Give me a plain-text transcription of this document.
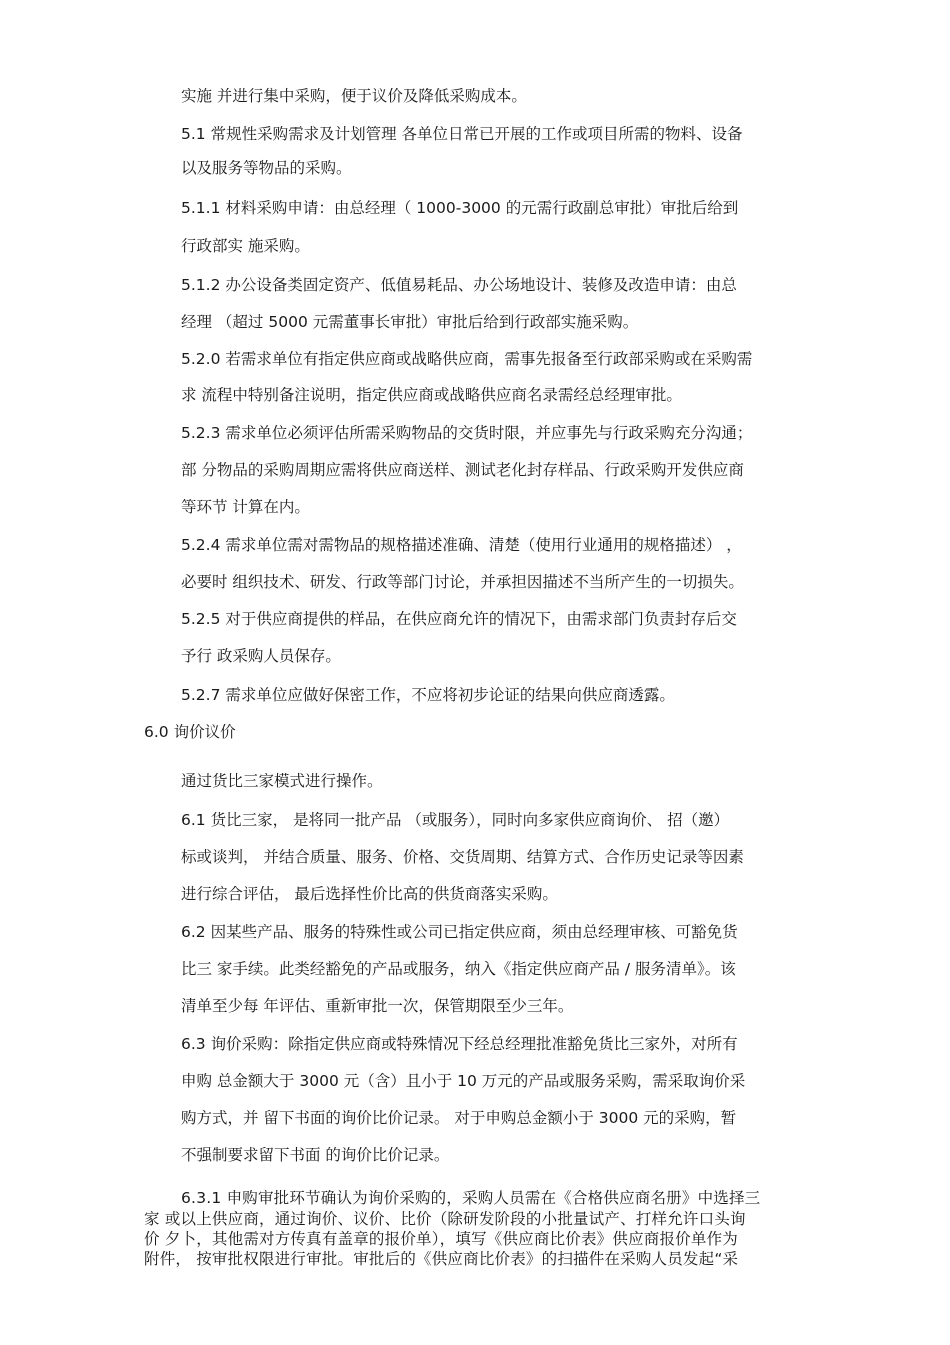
实施 并进行集中采购，便于议价及降低采购成本。
5.1 常规性采购需求及计划管理 各单位日常已开展的工作或项目所需的物料、设备
以及服务等物品的采购。
5.1.1 材料采购申请：由总经理（ 1000-3000 的元需行政副总审批）审批后给到
行政部实 施采购。
5.1.2 办公设备类固定资产、低值易耗品、办公场地设计、装修及改造申请：由总
经理 （超过 5000 元需董事长审批）审批后给到行政部实施采购。
5.2.0 若需求单位有指定供应商或战略供应商，需事先报备至行政部采购或在采购需
求 流程中特别备注说明，指定供应商或战略供应商名录需经总经理审批。
5.2.3 需求单位必须评估所需采购物品的交货时限，并应事先与行政采购充分沟通；
部 分物品的采购周期应需将供应商送样、测试老化封存样品、行政采购开发供应商
等环节 计算在内。
5.2.4 需求单位需对需物品的规格描述准确、清楚（使用行业通用的规格描述） ，
必要时 组织技术、研发、行政等部门讨论，并承担因描述不当所产生的一切损失。
5.2.5 对于供应商提供的样品，在供应商允许的情况下，由需求部门负责封存后交
予行 政采购人员保存。
5.2.7 需求单位应做好保密工作，不应将初步论证的结果向供应商透露。
6.0 询价议价
通过货比三家模式进行操作。
6.1 货比三家， 是将同一批产品 （或服务），同时向多家供应商询价、 招（邀）
标或谈判， 并结合质量、服务、价格、交货周期、结算方式、合作历史记录等因素
进行综合评估， 最后选择性价比高的供货商落实采购。
6.2 因某些产品、服务的特殊性或公司已指定供应商，须由总经理审核、可豁免货
比三 家手续。此类经豁免的产品或服务，纳入《指定供应商产品 / 服务清单》。该
清单至少每 年评估、重新审批一次，保管期限至少三年。
6.3 询价采购：除指定供应商或特殊情况下经总经理批准豁免货比三家外，对所有
申购 总金额大于 3000 元（含）且小于 10 万元的产品或服务采购，需采取询价采
购方式，并 留下书面的询价比价记录。 对于申购总金额小于 3000 元的采购，暂
不强制要求留下书面 的询价比价记录。
6.3.1 申购审批环节确认为询价采购的，采购人员需在《合格供应商名册》中选择三
家 或以上供应商，通过询价、议价、比价（除研发阶段的小批量试产、打样允许口头询
价 夕卜，其他需对方传真有盖章的报价单），填写《供应商比价表》供应商报价单作为
附件， 按审批权限进行审批。审批后的《供应商比价表》的扫描件在采购人员发起“采
